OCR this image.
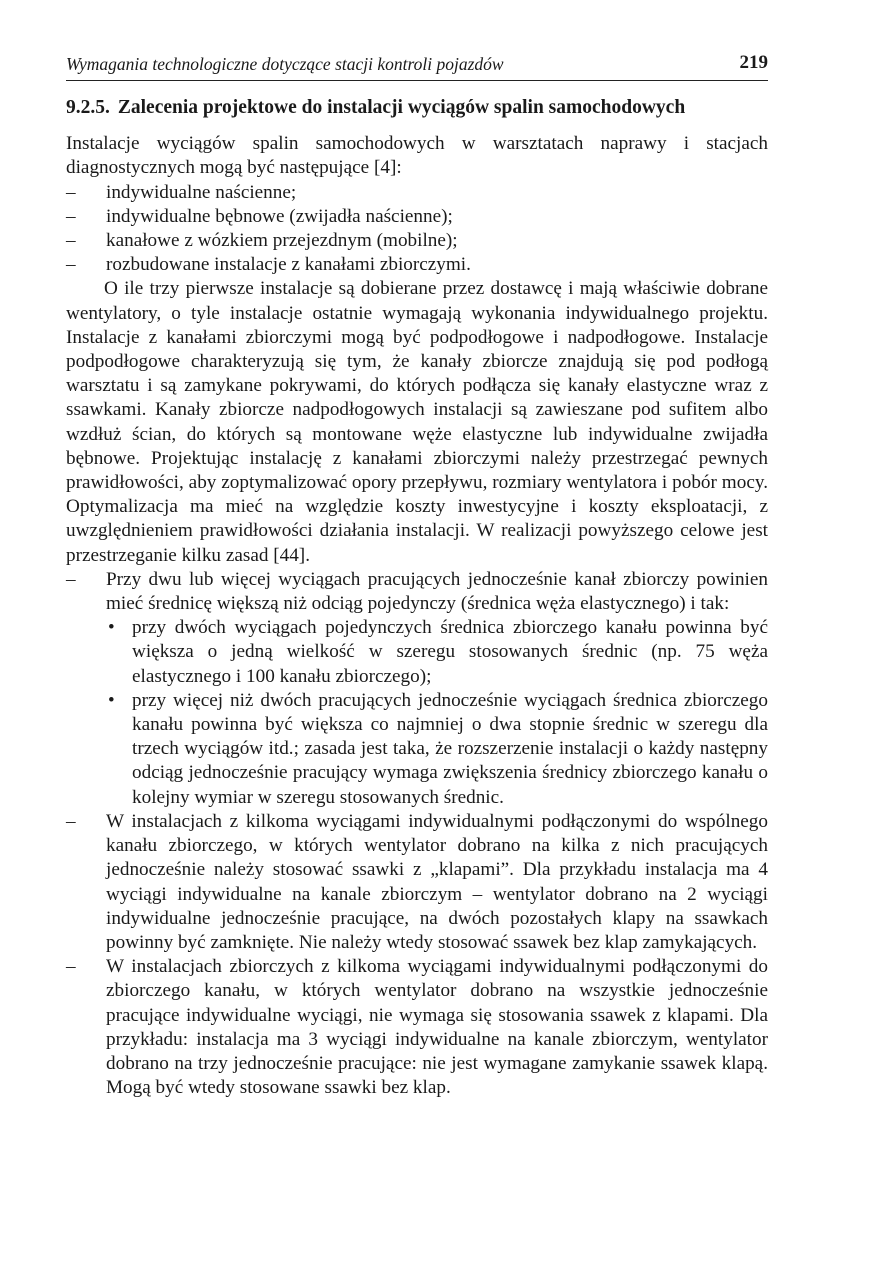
Wymagania technologiczne dotyczące stacji kontroli pojazdów	219
9.2.5. Zalecenia projektowe do instalacji wyciągów spalin samochodowych

Instalacje wyciągów spalin samochodowych w warsztatach naprawy i stacjach diagnostycznych mogą być następujące [4]:

– indywidualne naścienne;
– indywidualne bębnowe (zwijadła naścienne);
– kanałowe z wózkiem przejezdnym (mobilne);
– rozbudowane instalacje z kanałami zbiorczymi.

O ile trzy pierwsze instalacje są dobierane przez dostawcę i mają właściwie dobrane wentylatory, o tyle instalacje ostatnie wymagają wykonania indywidualnego projektu. Instalacje z kanałami zbiorczymi mogą być podpodłogowe i nadpodłogowe. Instalacje podpodłogowe charakteryzują się tym, że kanały zbiorcze znajdują się pod podłogą warsztatu i są zamykane pokrywami, do których podłącza się kanały elastyczne wraz z ssawkami. Kanały zbiorcze nadpodłogowych instalacji są zawieszane pod sufitem albo wzdłuż ścian, do których są montowane węże elastyczne lub indywidualne zwijadła bębnowe. Projektując instalację z kanałami zbiorczymi należy przestrzegać pewnych prawidłowości, aby zoptymalizować opory przepływu, rozmiary wentylatora i pobór mocy. Optymalizacja ma mieć na względzie koszty inwestycyjne i koszty eksploatacji, z uwzględnieniem prawidłowości działania instalacji. W realizacji powyższego celowe jest przestrzeganie kilku zasad [44].

– Przy dwu lub więcej wyciągach pracujących jednocześnie kanał zbiorczy powinien mieć średnicę większą niż odciąg pojedynczy (średnica węża elastycznego) i tak:
• przy dwóch wyciągach pojedynczych średnica zbiorczego kanału powinna być większa o jedną wielkość w szeregu stosowanych średnic (np. 75 węża elastycznego i 100 kanału zbiorczego);
• przy więcej niż dwóch pracujących jednocześnie wyciągach średnica zbiorczego kanału powinna być większa co najmniej o dwa stopnie średnic w szeregu dla trzech wyciągów itd.; zasada jest taka, że rozszerzenie instalacji o każdy następny odciąg jednocześnie pracujący wymaga zwiększenia średnicy zbiorczego kanału o kolejny wymiar w szeregu stosowanych średnic.
– W instalacjach z kilkoma wyciągami indywidualnymi podłączonymi do wspólnego kanału zbiorczego, w których wentylator dobrano na kilka z nich pracujących jednocześnie należy stosować ssawki z „klapami”. Dla przykładu instalacja ma 4 wyciągi indywidualne na kanale zbiorczym – wentylator dobrano na 2 wyciągi indywidualne jednocześnie pracujące, na dwóch pozostałych klapy na ssawkach powinny być zamknięte. Nie należy wtedy stosować ssawek bez klap zamykających.
– W instalacjach zbiorczych z kilkoma wyciągami indywidualnymi podłączonymi do zbiorczego kanału, w których wentylator dobrano na wszystkie jednocześnie pracujące indywidualne wyciągi, nie wymaga się stosowania ssawek z klapami. Dla przykładu: instalacja ma 3 wyciągi indywidualne na kanale zbiorczym, wentylator dobrano na trzy jednocześnie pracujące: nie jest wymagane zamykanie ssawek klapą. Mogą być wtedy stosowane ssawki bez klap.
